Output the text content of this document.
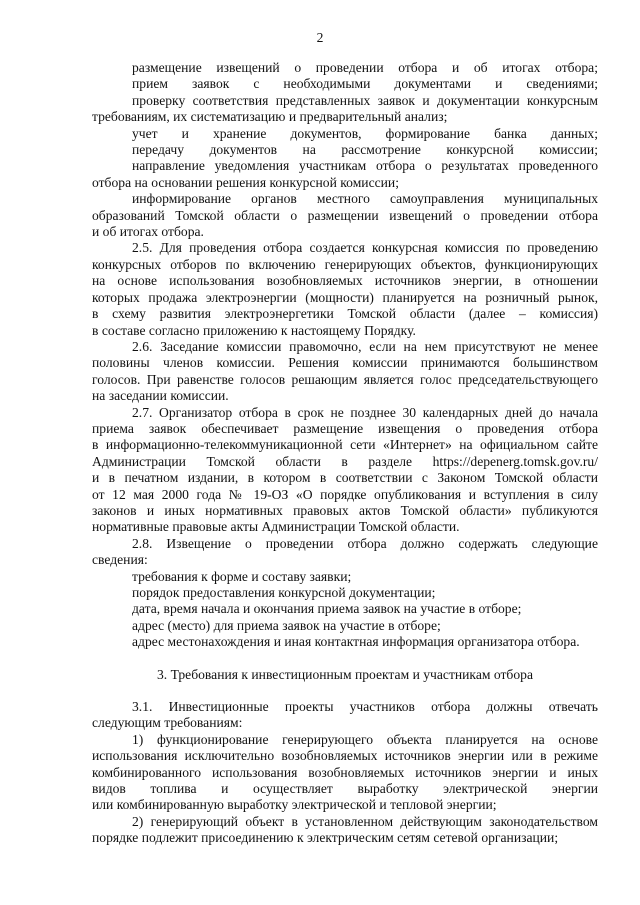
2

размещение извещений о проведении отбора и об итогах отбора;

прием заявок с необходимыми документами и сведениями;

проверку соответствия представленных заявок и документации конкурсным

требованиям, их систематизацию и предварительный анализ;

учет и хранение документов, формирование банка данных;

передачу документов на рассмотрение конкурсной комиссии;

направление уведомления участникам отбора о результатах проведенного

отбора на основании решения конкурсной комиссии;

информирование органов местного самоуправления муниципальных

образований Томской области о размещении извещений о проведении отбора

и об итогах отбора.

2.5. Для проведения отбора создается конкурсная комиссия по проведению

конкурсных отборов по включению генерирующих объектов, функционирующих

на основе использования возобновляемых источников энергии, в отношении

которых продажа электроэнергии (мощности) планируется на розничный рынок,

в схему развития электроэнергетики Томской области (далее – комиссия)

в составе согласно приложению к настоящему Порядку.

2.6. Заседание комиссии правомочно, если на нем присутствуют не менее

половины членов комиссии. Решения комиссии принимаются большинством

голосов. При равенстве голосов решающим является голос председательствующего

на заседании комиссии.

2.7. Организатор отбора в срок не позднее 30 календарных дней до начала

приема заявок обеспечивает размещение извещения о проведения отбора

в информационно-телекоммуникационной сети «Интернет» на официальном сайте

Администрации Томской области в разделе https://depenerg.tomsk.gov.ru/

и в печатном издании, в котором в соответствии с Законом Томской области

от 12 мая 2000 года № 19-ОЗ «О порядке опубликования и вступления в силу

законов и иных нормативных правовых актов Томской области» публикуются

нормативные правовые акты Администрации Томской области.

2.8. Извещение о проведении отбора должно содержать следующие

сведения:

требования к форме и составу заявки;

порядок предоставления конкурсной документации;

дата, время начала и окончания приема заявок на участие в отборе;

адрес (место) для приема заявок на участие в отборе;

адрес местонахождения и иная контактная информация организатора отбора.

3. Требования к инвестиционным проектам и участникам отбора

3.1. Инвестиционные проекты участников отбора должны отвечать

следующим требованиям:

1) функционирование генерирующего объекта планируется на основе

использования исключительно возобновляемых источников энергии или в режиме

комбинированного использования возобновляемых источников энергии и иных

видов топлива и осуществляет выработку электрической энергии

или комбинированную выработку электрической и тепловой энергии;

2) генерирующий объект в установленном действующим законодательством

порядке подлежит присоединению к электрическим сетям сетевой организации;
